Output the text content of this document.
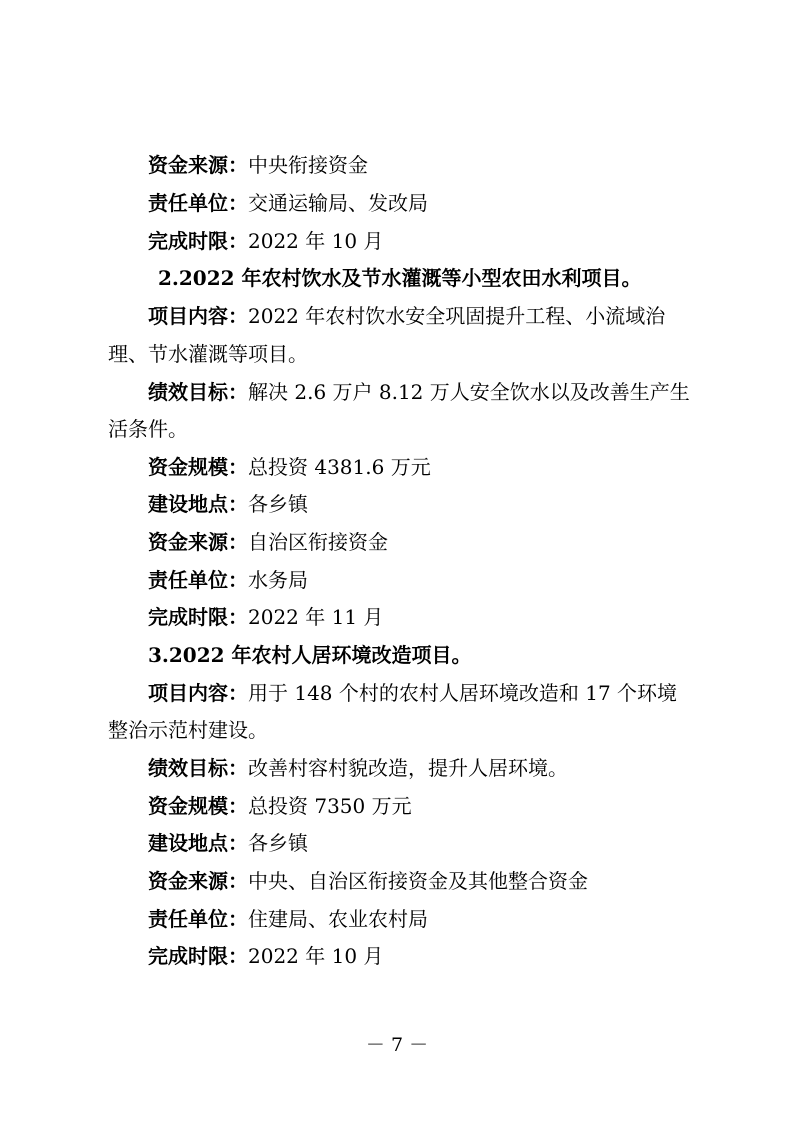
资金来源：中央衔接资金
责任单位：交通运输局、发改局
完成时限：2022 年 10 月
2.2022 年农村饮水及节水灌溉等小型农田水利项目。
项目内容：2022 年农村饮水安全巩固提升工程、小流域治
理、节水灌溉等项目。
绩效目标：解决 2.6 万户 8.12 万人安全饮水以及改善生产生
活条件。
资金规模：总投资 4381.6 万元
建设地点：各乡镇
资金来源：自治区衔接资金
责任单位：水务局
完成时限：2022 年 11 月
3.2022 年农村人居环境改造项目。
项目内容：用于 148 个村的农村人居环境改造和 17 个环境
整治示范村建设。
绩效目标：改善村容村貌改造，提升人居环境。
资金规模：总投资 7350 万元
建设地点：各乡镇
资金来源：中央、自治区衔接资金及其他整合资金
责任单位：住建局、农业农村局
完成时限：2022 年 10 月
－ 7 －
